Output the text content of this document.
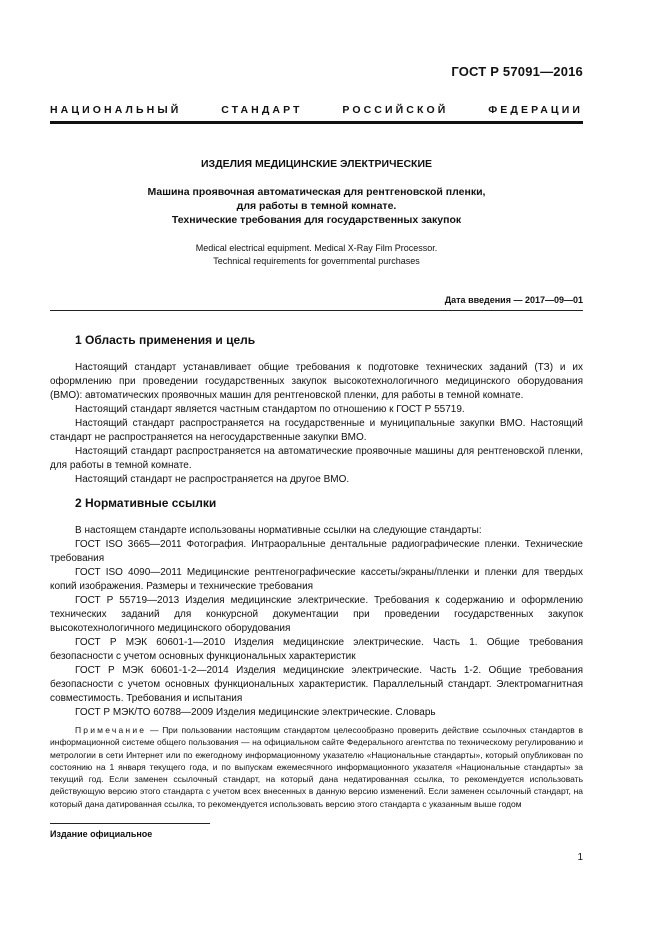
ГОСТ Р 57091—2016
НАЦИОНАЛЬНЫЙ СТАНДАРТ РОССИЙСКОЙ ФЕДЕРАЦИИ
ИЗДЕЛИЯ МЕДИЦИНСКИЕ ЭЛЕКТРИЧЕСКИЕ
Машина проявочная автоматическая для рентгеновской пленки,
для работы в темной комнате.
Технические требования для государственных закупок
Medical electrical equipment. Medical X-Ray Film Processor.
Technical requirements for governmental purchases
Дата введения — 2017—09—01
1 Область применения и цель

Настоящий стандарт устанавливает общие требования к подготовке технических заданий (ТЗ) и их оформлению при проведении государственных закупок высокотехнологичного медицинского оборудования (ВМО): автоматических проявочных машин для рентгеновской пленки, для работы в темной комнате.

Настоящий стандарт является частным стандартом по отношению к ГОСТ Р 55719.

Настоящий стандарт распространяется на государственные и муниципальные закупки ВМО. Настоящий стандарт не распространяется на негосударственные закупки ВМО.

Настоящий стандарт распространяется на автоматические проявочные машины для рентгеновской пленки, для работы в темной комнате.

Настоящий стандарт не распространяется на другое ВМО.

2 Нормативные ссылки

В настоящем стандарте использованы нормативные ссылки на следующие стандарты:

ГОСТ ISO 3665—2011 Фотография. Интраоральные дентальные радиографические пленки. Технические требования

ГОСТ ISO 4090—2011 Медицинские рентгенографические кассеты/экраны/пленки и пленки для твердых копий изображения. Размеры и технические требования

ГОСТ Р 55719—2013 Изделия медицинские электрические. Требования к содержанию и оформлению технических заданий для конкурсной документации при проведении государственных закупок высокотехнологичного медицинского оборудования

ГОСТ Р МЭК 60601-1—2010 Изделия медицинские электрические. Часть 1. Общие требования безопасности с учетом основных функциональных характеристик

ГОСТ Р МЭК 60601-1-2—2014 Изделия медицинские электрические. Часть 1-2. Общие требования безопасности с учетом основных функциональных характеристик. Параллельный стандарт. Электромагнитная совместимость. Требования и испытания

ГОСТ Р МЭК/ТО 60788—2009 Изделия медицинские электрические. Словарь

Примечание — При пользовании настоящим стандартом целесообразно проверить действие ссылочных стандартов в информационной системе общего пользования — на официальном сайте Федерального агентства по техническому регулированию и метрологии в сети Интернет или по ежегодному информационному указателю «Национальные стандарты», который опубликован по состоянию на 1 января текущего года, и по выпускам ежемесячного информационного указателя «Национальные стандарты» за текущий год. Если заменен ссылочный стандарт, на который дана недатированная ссылка, то рекомендуется использовать действующую версию этого стандарта с учетом всех внесенных в данную версию изменений. Если заменен ссылочный стандарт, на который дана датированная ссылка, то рекомендуется использовать версию этого стандарта с указанным выше годом
Издание официальное
1
